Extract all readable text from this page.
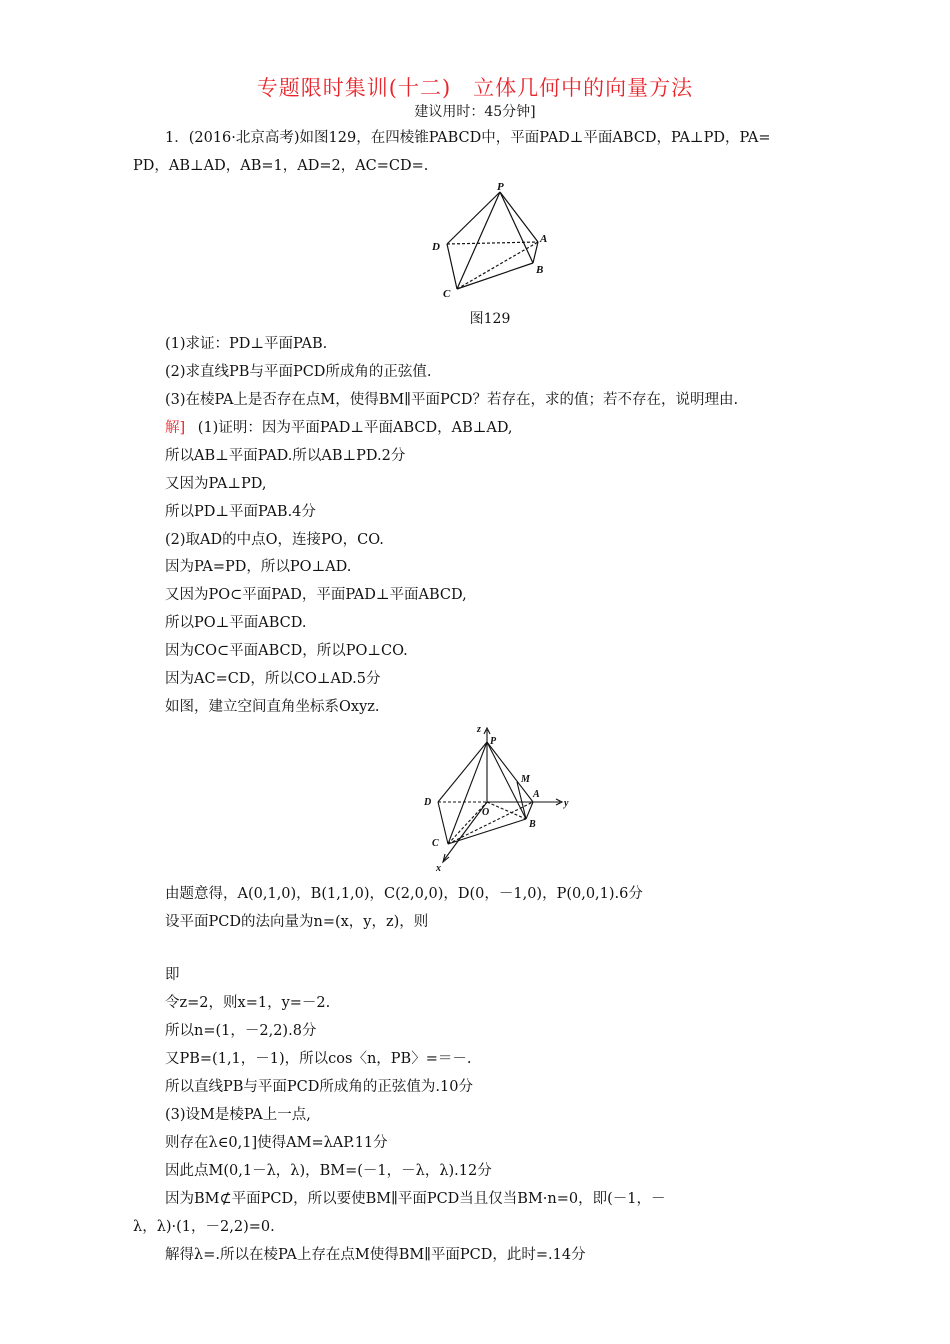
专题限时集训(十二)　立体几何中的向量方法
建议用时：45分钟]
1．(2016·北京高考)如图129，在四棱锥PABCD中，平面PAD⊥平面ABCD，PA⊥PD，PA=
PD，AB⊥AD，AB=1，AD=2，AC=CD=.
P
A
B
C
D
图129
(1)求证：PD⊥平面PAB.
(2)求直线PB与平面PCD所成角的正弦值.
(3)在棱PA上是否存在点M，使得BM∥平面PCD？若存在，求的值；若不存在，说明理由.
解] (1)证明：因为平面PAD⊥平面ABCD，AB⊥AD,
所以AB⊥平面PAD.所以AB⊥PD.2分
又因为PA⊥PD,
所以PD⊥平面PAB.4分
(2)取AD的中点O，连接PO，CO.
因为PA=PD，所以PO⊥AD.
又因为PO⊂平面PAD，平面PAD⊥平面ABCD,
所以PO⊥平面ABCD.
因为CO⊂平面ABCD，所以PO⊥CO.
因为AC=CD，所以CO⊥AD.5分
如图，建立空间直角坐标系Oxyz.
z
P
M
A
y
D
O
B
C
x
由题意得，A(0,1,0)，B(1,1,0)，C(2,0,0)，D(0，－1,0)，P(0,0,1).6分
设平面PCD的法向量为n=(x，y，z)，则
即
令z=2，则x=1，y=－2.
所以n=(1，－2,2).8分
又PB=(1,1，－1)，所以cos〈n，PB〉=＝－.
所以直线PB与平面PCD所成角的正弦值为.10分
(3)设M是棱PA上一点,
则存在λ∈0,1]使得AM=λAP.11分
因此点M(0,1－λ，λ)，BM=(－1，－λ，λ).12分
因为BM⊄平面PCD，所以要使BM∥平面PCD当且仅当BM·n=0，即(－1，－
λ，λ)·(1，－2,2)=0.
解得λ=.所以在棱PA上存在点M使得BM∥平面PCD，此时=.14分
